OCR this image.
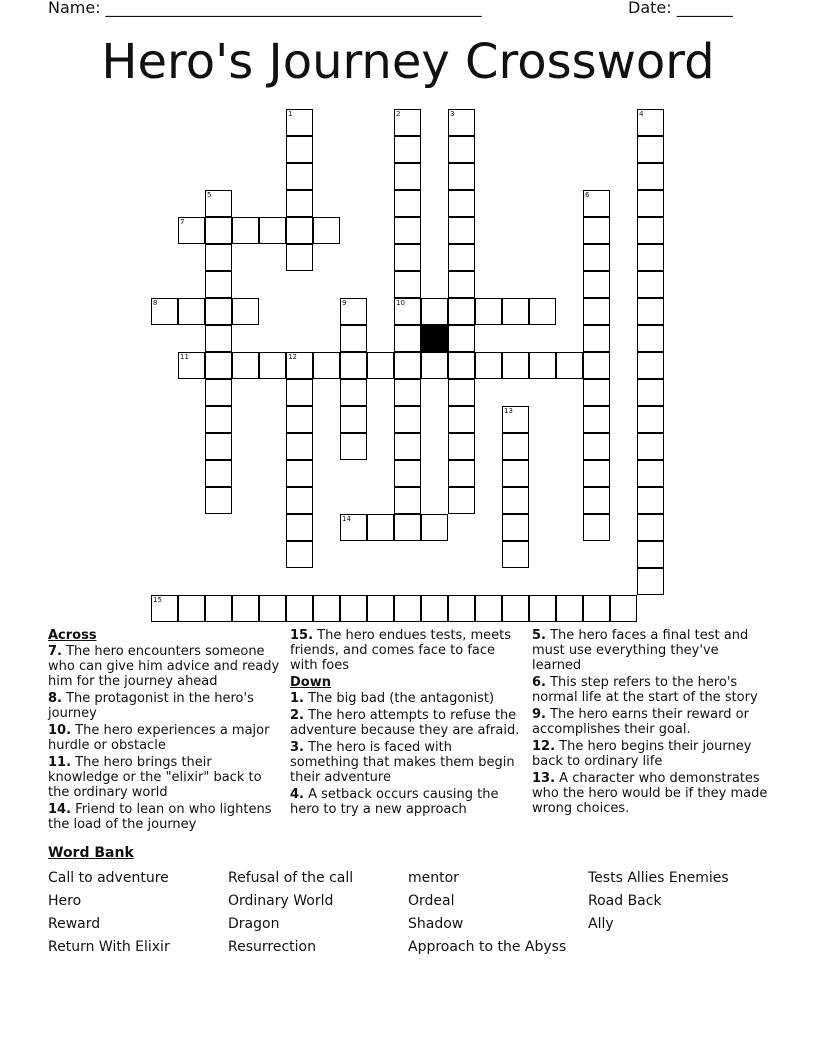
Name: _______________________________________________	Date: _______
Hero's Journey Crossword
1	2	3	4
5	6
7
8	9	10
11	12
13
14
15
Across
7. The hero encounters someone who can give him advice and ready him for the journey ahead
8. The protagonist in the hero's journey
10. The hero experiences a major hurdle or obstacle
11. The hero brings their knowledge or the "elixir" back to the ordinary world
14. Friend to lean on who lightens the load of the journey
15. The hero endues tests, meets friends, and comes face to face with foes
Down
1. The big bad (the antagonist)
2. The hero attempts to refuse the adventure because they are afraid.
3. The hero is faced with something that makes them begin their adventure
4. A setback occurs causing the hero to try a new approach
5. The hero faces a final test and must use everything they've learned
6. This step refers to the hero's normal life at the start of the story
9. The hero earns their reward or accomplishes their goal.
12. The hero begins their journey back to ordinary life
13. A character who demonstrates who the hero would be if they made wrong choices.
Word Bank
Call to adventure
Hero
Reward
Return With Elixir
Refusal of the call
Ordinary World
Dragon
Resurrection
mentor
Ordeal
Shadow
Approach to the Abyss
Tests Allies Enemies
Road Back
Ally
